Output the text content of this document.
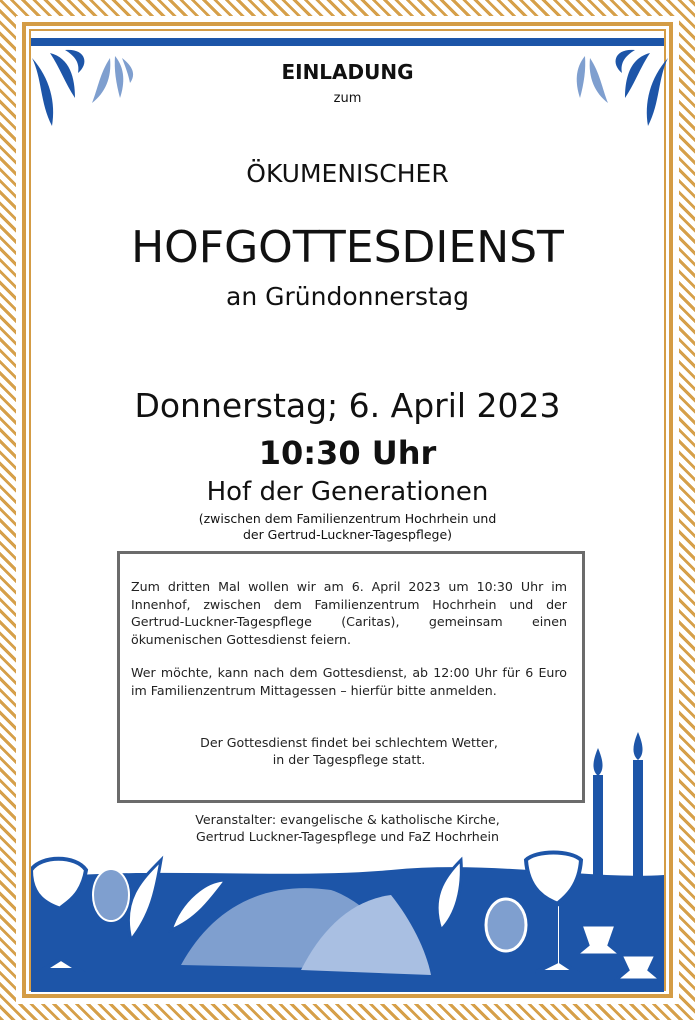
EINLADUNG
zum
ÖKUMENISCHER
HOFGOTTESDIENST
an Gründonnerstag
Donnerstag; 6. April 2023
10:30 Uhr
Hof der Generationen
(zwischen dem Familienzentrum Hochrhein und
der Gertrud-Luckner-Tagespflege)
Zum dritten Mal wollen wir am 6. April 2023 um 10:30 Uhr im Innenhof, zwischen dem Familienzentrum Hochrhein und der Gertrud-Luckner-Tagespflege (Caritas), gemeinsam einen ökumenischen Gottesdienst feiern.
Wer möchte, kann nach dem Gottesdienst, ab 12:00 Uhr für 6 Euro im Familienzentrum Mittagessen – hierfür bitte anmelden.
Der Gottesdienst findet bei schlechtem Wetter,
in der Tagespflege statt.
Veranstalter: evangelische & katholische Kirche,
Gertrud Luckner-Tagespflege und FaZ Hochrhein
